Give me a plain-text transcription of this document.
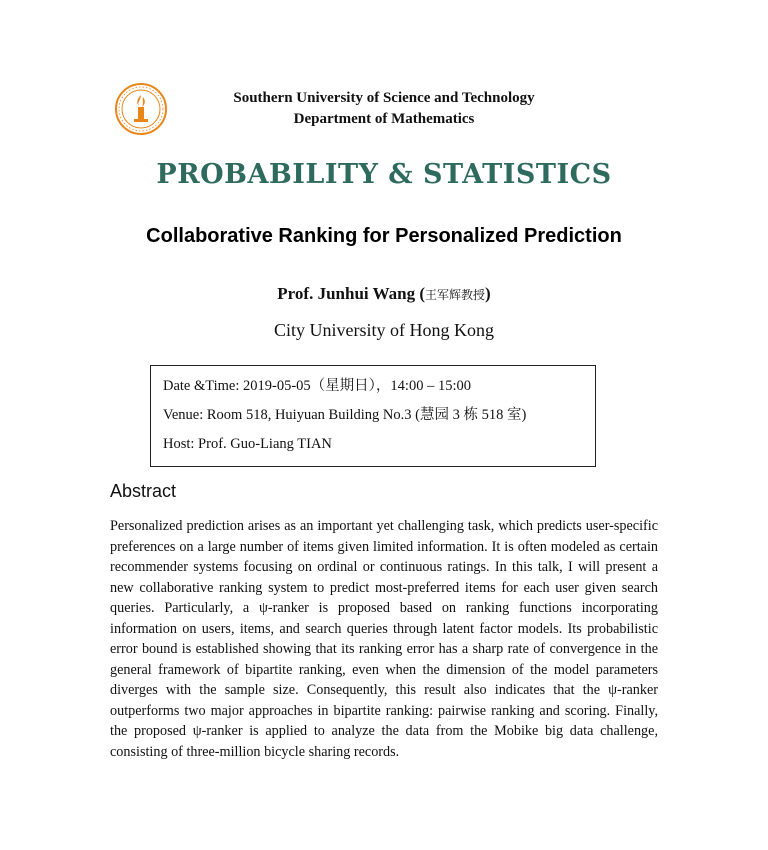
Southern University of Science and Technology
Department of Mathematics
PROBABILITY & STATISTICS
Collaborative Ranking for Personalized Prediction
Prof. Junhui Wang (王军辉教授)
City University of Hong Kong
Date &Time: 2019-05-05（星期日），14:00 – 15:00
Venue: Room 518, Huiyuan Building No.3 (慧园 3 栋 518 室)
Host: Prof. Guo-Liang TIAN
Abstract
Personalized prediction arises as an important yet challenging task, which predicts user-specific preferences on a large number of items given limited information. It is often modeled as certain recommender systems focusing on ordinal or continuous ratings. In this talk, I will present a new collaborative ranking system to predict most-preferred items for each user given search queries. Particularly, a ψ-ranker is proposed based on ranking functions incorporating information on users, items, and search queries through latent factor models. Its probabilistic error bound is established showing that its ranking error has a sharp rate of convergence in the general framework of bipartite ranking, even when the dimension of the model parameters diverges with the sample size. Consequently, this result also indicates that the ψ-ranker outperforms two major approaches in bipartite ranking: pairwise ranking and scoring. Finally, the proposed ψ-ranker is applied to analyze the data from the Mobike big data challenge, consisting of three-million bicycle sharing records.
